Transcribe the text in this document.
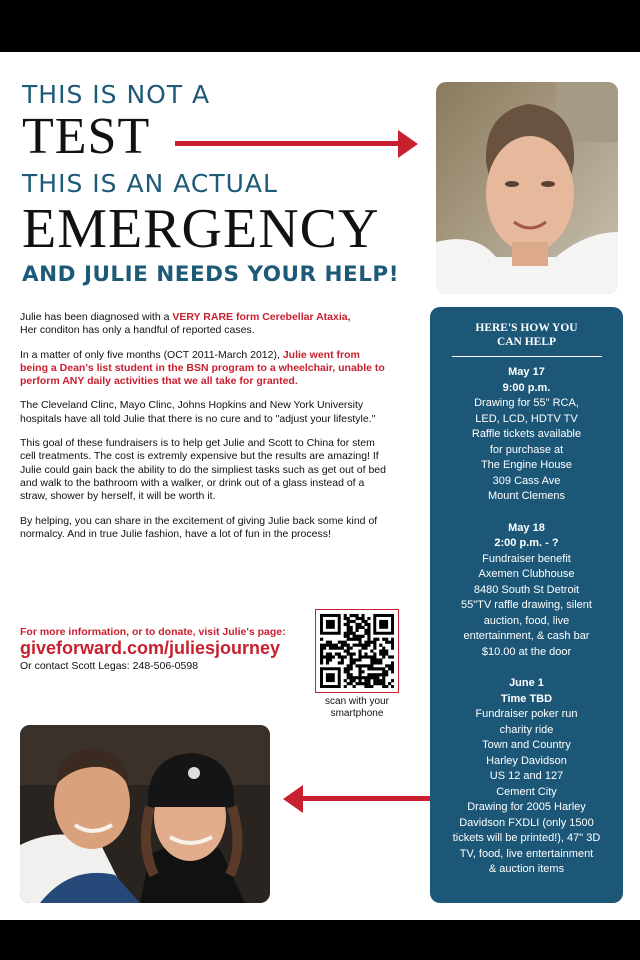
THIS IS NOT A
TEST
THIS IS AN ACTUAL
EMERGENCY
AND JULIE NEEDS YOUR HELP!

Julie has been diagnosed with a VERY RARE form Cerebellar Ataxia,
Her conditon has only a handful of reported cases.

In a matter of only five months (OCT 2011-March 2012), Julie went from being a Dean's list student in the BSN program to a wheelchair, unable to perform ANY daily activities that we all take for granted.

The Cleveland Clinc, Mayo Clinc, Johns Hopkins and New York University hospitals have all told Julie that there is no cure and to "adjust your lifestyle."

This goal of these fundraisers is to help get Julie and Scott to China for stem cell treatments. The cost is extremly expensive but the results are amazing! If Julie could gain back the ability to do the simpliest tasks such as get out of bed and walk to the bathroom with a walker, or drink out of a glass instead of a straw, shower by herself, it will be worth it.

By helping, you can share in the excitement of giving Julie back some kind of normalcy. And in true Julie fashion, have a lot of fun in the process!

For more information, or to donate, visit Julie's page:
giveforward.com/juliesjourney
Or contact Scott Legas: 248-506-0598
scan with your
smartphone
HERE'S HOW YOU
CAN HELP
May 17
9:00 p.m.
Drawing for 55" RCA,
LED, LCD, HDTV TV
Raffle tickets available
for purchase at
The Engine House
309 Cass Ave
Mount Clemens
May 18
2:00 p.m. - ?
Fundraiser benefit
Axemen Clubhouse
8480 South St Detroit
55"TV raffle drawing, silent
auction, food, live
entertainment, & cash bar
$10.00 at the door
June 1
Time TBD
Fundraiser poker run
charity ride
Town and Country
Harley Davidson
US 12 and 127
Cement City
Drawing for 2005 Harley
Davidson FXDLI (only 1500
tickets will be printed!), 47" 3D
TV, food, live entertainment
& auction items
